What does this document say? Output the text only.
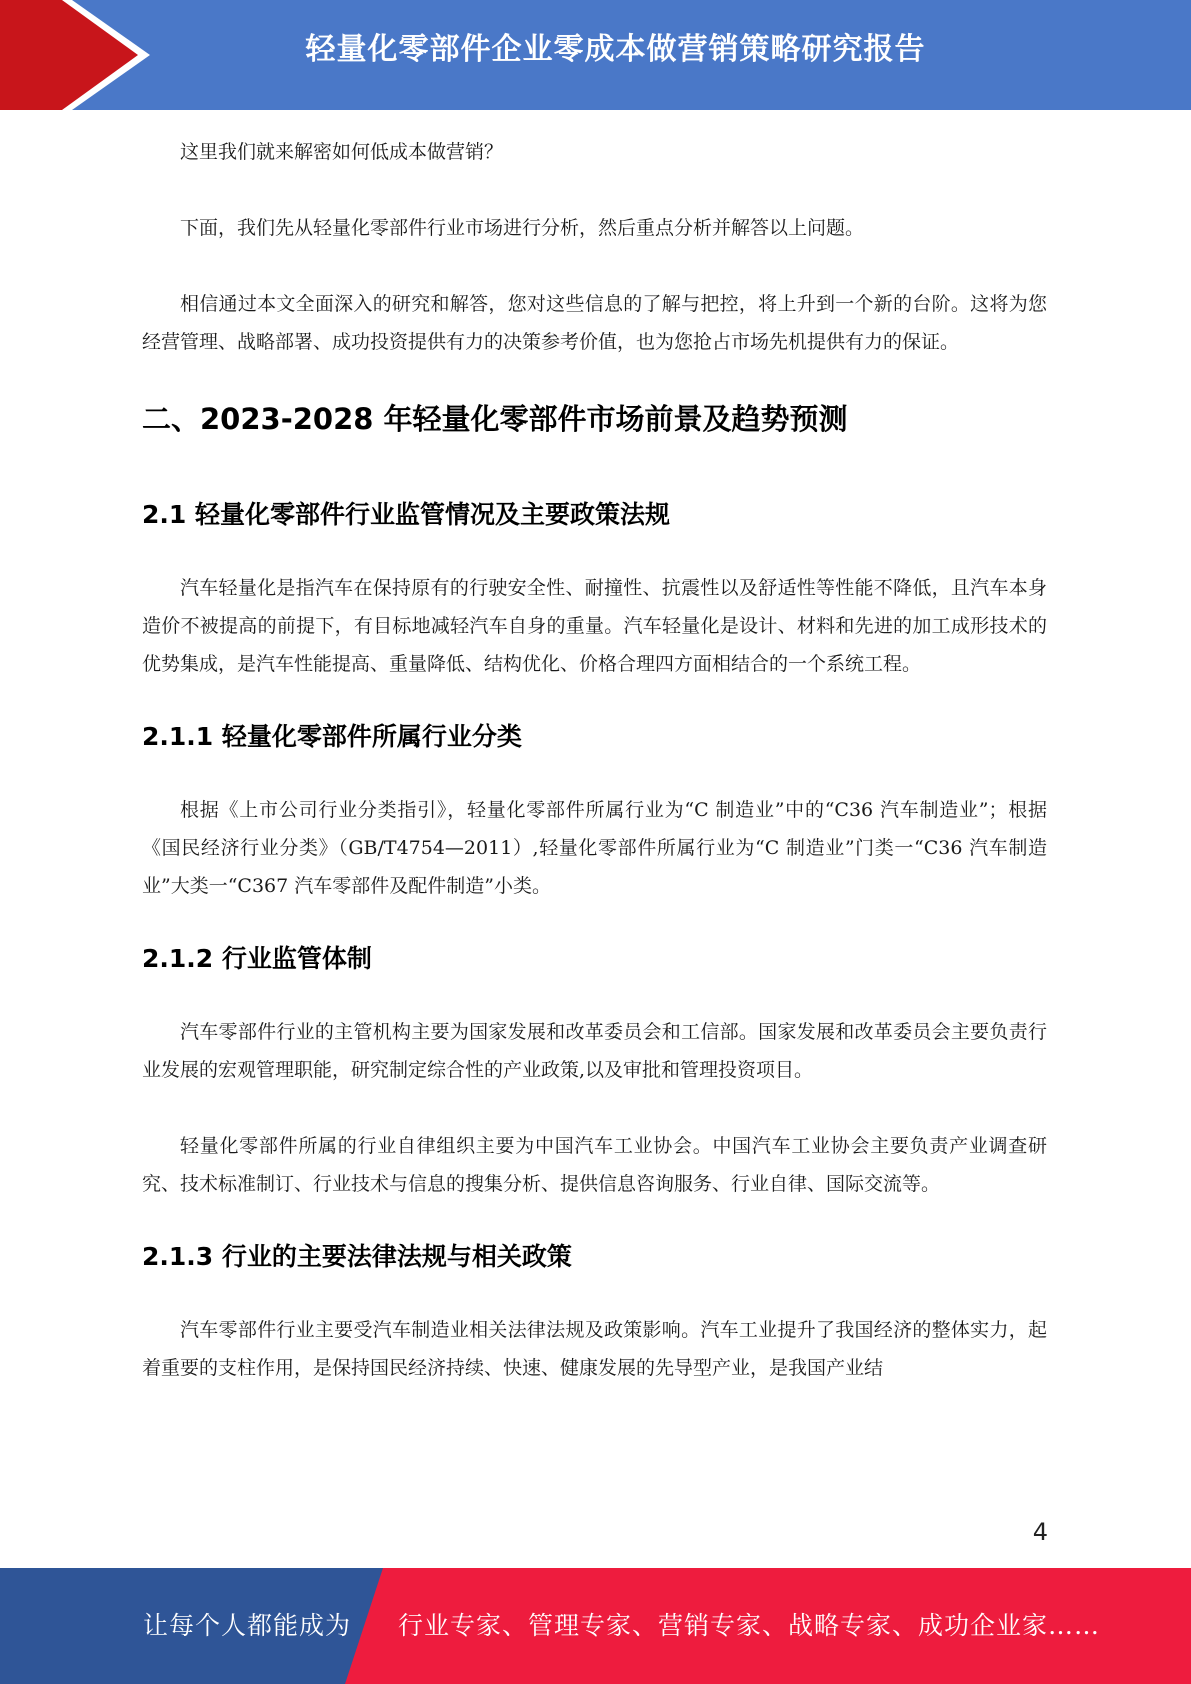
轻量化零部件企业零成本做营销策略研究报告

这里我们就来解密如何低成本做营销？

下面，我们先从轻量化零部件行业市场进行分析，然后重点分析并解答以上问题。

相信通过本文全面深入的研究和解答，您对这些信息的了解与把控，将上升到一个新的台阶。这将为您经营管理、战略部署、成功投资提供有力的决策参考价值，也为您抢占市场先机提供有力的保证。

二、2023-2028 年轻量化零部件市场前景及趋势预测
2.1 轻量化零部件行业监管情况及主要政策法规

汽车轻量化是指汽车在保持原有的行驶安全性、耐撞性、抗震性以及舒适性等性能不降低，且汽车本身造价不被提高的前提下，有目标地减轻汽车自身的重量。汽车轻量化是设计、材料和先进的加工成形技术的优势集成，是汽车性能提高、重量降低、结构优化、价格合理四方面相结合的一个系统工程。

2.1.1 轻量化零部件所属行业分类

根据《上市公司行业分类指引》，轻量化零部件所属行业为“C 制造业”中的“C36 汽车制造业”；根据《国民经济行业分类》（GB/T4754—2011）,轻量化零部件所属行业为“C 制造业”门类一“C36 汽车制造业”大类一“C367 汽车零部件及配件制造”小类。

2.1.2 行业监管体制

汽车零部件行业的主管机构主要为国家发展和改革委员会和工信部。国家发展和改革委员会主要负责行业发展的宏观管理职能，研究制定综合性的产业政策,以及审批和管理投资项目。

轻量化零部件所属的行业自律组织主要为中国汽车工业协会。中国汽车工业协会主要负责产业调查研究、技术标准制订、行业技术与信息的搜集分析、提供信息咨询服务、行业自律、国际交流等。

2.1.3 行业的主要法律法规与相关政策

汽车零部件行业主要受汽车制造业相关法律法规及政策影响。汽车工业提升了我国经济的整体实力，起着重要的支柱作用，是保持国民经济持续、快速、健康发展的先导型产业，是我国产业结

4
让每个人都能成为 行业专家、管理专家、营销专家、战略专家、成功企业家……
